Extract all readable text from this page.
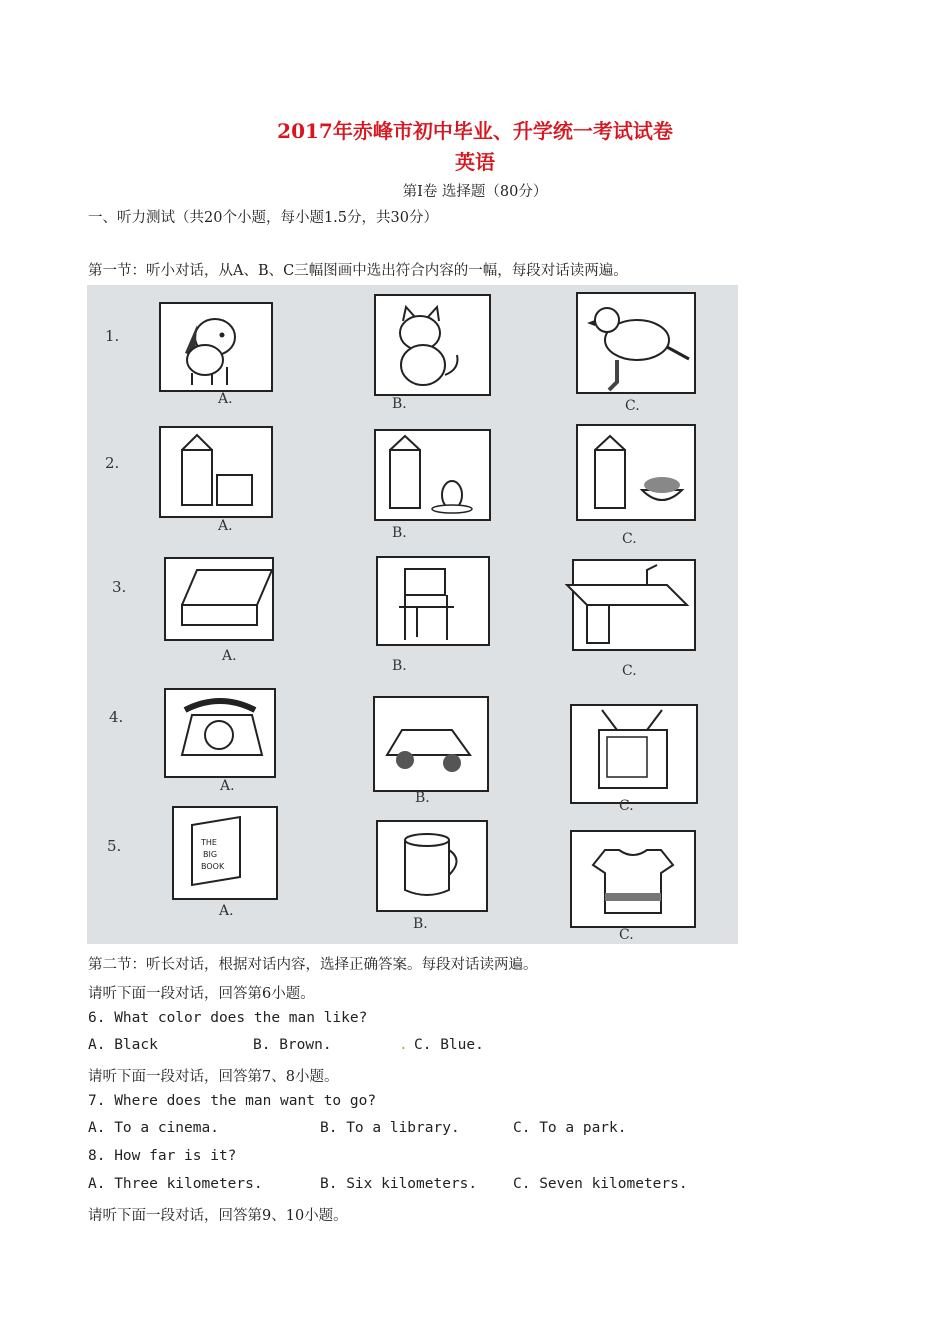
2017年赤峰市初中毕业、升学统一考试试卷
英语
第Ⅰ卷 选择题（80分）
一、听力测试（共20个小题，每小题1.5分，共30分）
第一节：听小对话，从A、B、C三幅图画中选出符合内容的一幅，每段对话读两遍。
1.
A.	B.	C.
2.
A.	B.	C.
3.
A.
B.	C.
4.
A.
B.	C.
5.	THE
BIG
BOOK
A.
B.
C.
第二节：听长对话，根据对话内容，选择正确答案。每段对话读两遍。
请听下面一段对话，回答第6小题。
6. What color does the man like?
A. Black	B. Brown.	. C. Blue.
请听下面一段对话，回答第7、8小题。
7. Where does the man want to go?
A. To a cinema.	B. To a library.	C. To a park.
8. How far is it?
A. Three kilometers.	B. Six kilometers. C. Seven kilometers.
请听下面一段对话，回答第9、10小题。
